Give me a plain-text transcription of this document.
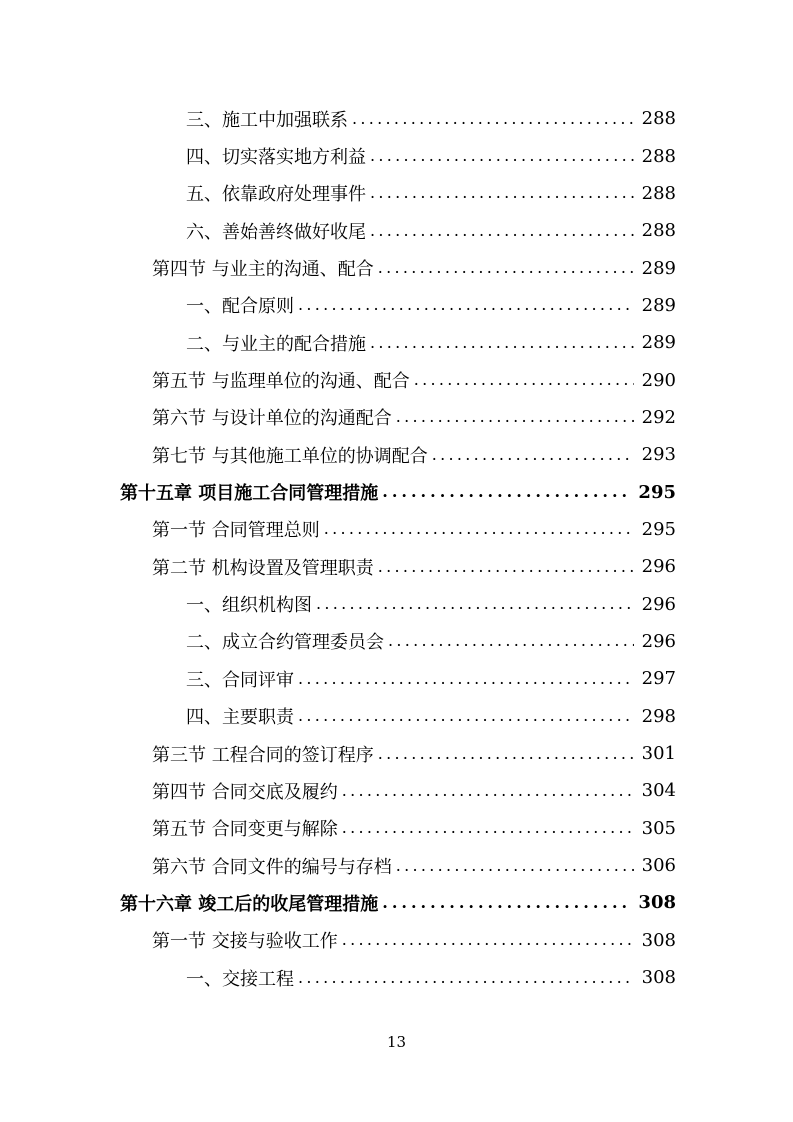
三、施工中加强联系 .....	288
四、切实落实地方利益 .....	288
五、依靠政府处理事件 .....	288
六、善始善终做好收尾 .....	288
第四节 与业主的沟通、配合 .....	289
一、配合原则 .....	289
二、与业主的配合措施 .....	289
第五节 与监理单位的沟通、配合 .....	290
第六节 与设计单位的沟通配合 .....	292
第七节 与其他施工单位的协调配合 .....	293
第十五章 项目施工合同管理措施 .....	295
第一节 合同管理总则 .....	295
第二节 机构设置及管理职责 .....	296
一、组织机构图 .....	296
二、成立合约管理委员会 .....	296
三、合同评审 .....	297
四、主要职责 .....	298
第三节 工程合同的签订程序 .....	301
第四节 合同交底及履约 .....	304
第五节 合同变更与解除 .....	305
第六节 合同文件的编号与存档 .....	306
第十六章 竣工后的收尾管理措施 .....	308
第一节 交接与验收工作 .....	308
一、交接工程 .....	308
13
